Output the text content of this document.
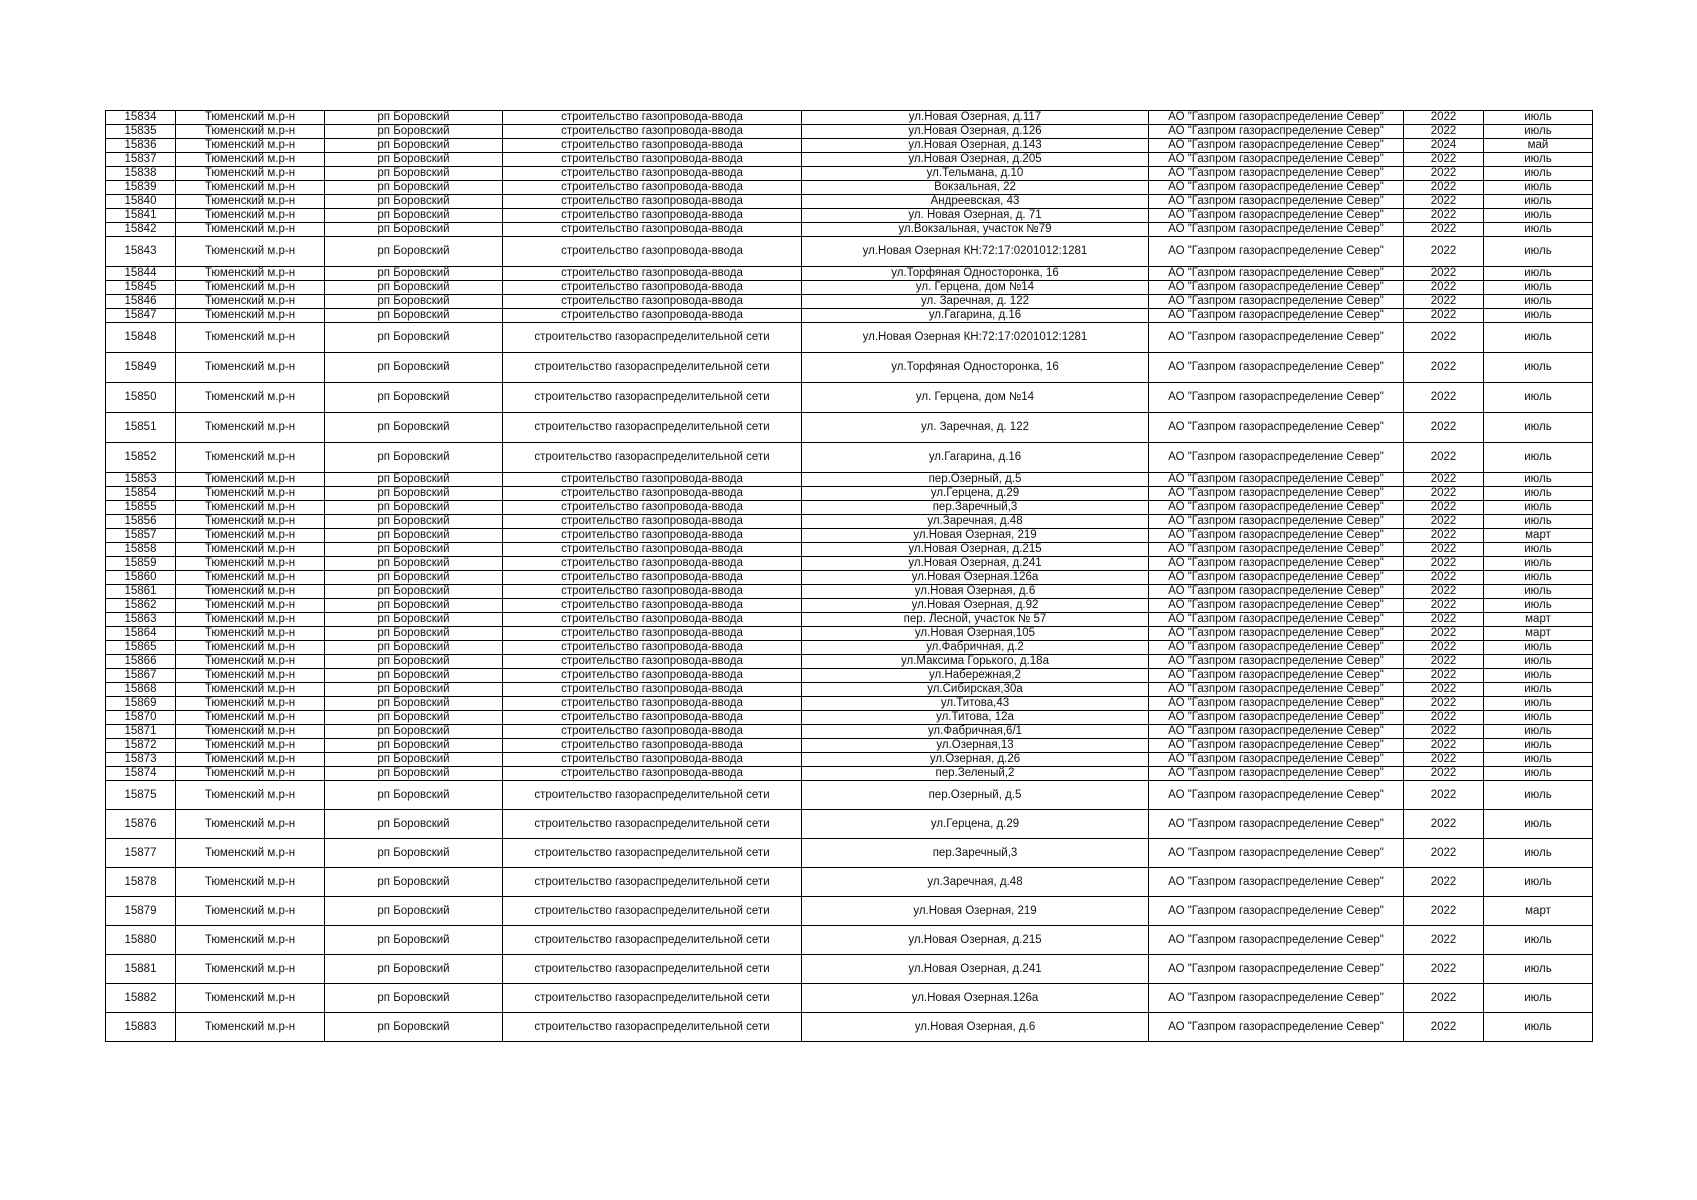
15834	Тюменский м.р-н	рп Боровский	строительство газопровода-ввода	ул.Новая Озерная, д.117	АО "Газпром газораспределение Север"	2022	июль
15835	Тюменский м.р-н	рп Боровский	строительство газопровода-ввода	ул.Новая Озерная, д.126	АО "Газпром газораспределение Север"	2022	июль
15836	Тюменский м.р-н	рп Боровский	строительство газопровода-ввода	ул.Новая Озерная, д.143	АО "Газпром газораспределение Север"	2024	май
15837	Тюменский м.р-н	рп Боровский	строительство газопровода-ввода	ул.Новая Озерная, д.205	АО "Газпром газораспределение Север"	2022	июль
15838	Тюменский м.р-н	рп Боровский	строительство газопровода-ввода	ул.Тельмана, д.10	АО "Газпром газораспределение Север"	2022	июль
15839	Тюменский м.р-н	рп Боровский	строительство газопровода-ввода	Вокзальная, 22	АО "Газпром газораспределение Север"	2022	июль
15840	Тюменский м.р-н	рп Боровский	строительство газопровода-ввода	Андреевская, 43	АО "Газпром газораспределение Север"	2022	июль
15841	Тюменский м.р-н	рп Боровский	строительство газопровода-ввода	ул. Новая Озерная, д. 71	АО "Газпром газораспределение Север"	2022	июль
15842	Тюменский м.р-н	рп Боровский	строительство газопровода-ввода	ул.Вокзальная, участок №79	АО "Газпром газораспределение Север"	2022	июль
15843	Тюменский м.р-н	рп Боровский	строительство газопровода-ввода	ул.Новая Озерная КН:72:17:0201012:1281	АО "Газпром газораспределение Север"	2022	июль
15844	Тюменский м.р-н	рп Боровский	строительство газопровода-ввода	ул.Торфяная Односторонка, 16	АО "Газпром газораспределение Север"	2022	июль
15845	Тюменский м.р-н	рп Боровский	строительство газопровода-ввода	ул. Герцена, дом №14	АО "Газпром газораспределение Север"	2022	июль
15846	Тюменский м.р-н	рп Боровский	строительство газопровода-ввода	ул. Заречная, д. 122	АО "Газпром газораспределение Север"	2022	июль
15847	Тюменский м.р-н	рп Боровский	строительство газопровода-ввода	ул.Гагарина, д.16	АО "Газпром газораспределение Север"	2022	июль
15848	Тюменский м.р-н	рп Боровский	строительство газораспределительной сети	ул.Новая Озерная КН:72:17:0201012:1281	АО "Газпром газораспределение Север"	2022	июль
15849	Тюменский м.р-н	рп Боровский	строительство газораспределительной сети	ул.Торфяная Односторонка, 16	АО "Газпром газораспределение Север"	2022	июль
15850	Тюменский м.р-н	рп Боровский	строительство газораспределительной сети	ул. Герцена, дом №14	АО "Газпром газораспределение Север"	2022	июль
15851	Тюменский м.р-н	рп Боровский	строительство газораспределительной сети	ул. Заречная, д. 122	АО "Газпром газораспределение Север"	2022	июль
15852	Тюменский м.р-н	рп Боровский	строительство газораспределительной сети	ул.Гагарина, д.16	АО "Газпром газораспределение Север"	2022	июль
15853	Тюменский м.р-н	рп Боровский	строительство газопровода-ввода	пер.Озерный, д.5	АО "Газпром газораспределение Север"	2022	июль
15854	Тюменский м.р-н	рп Боровский	строительство газопровода-ввода	ул.Герцена, д.29	АО "Газпром газораспределение Север"	2022	июль
15855	Тюменский м.р-н	рп Боровский	строительство газопровода-ввода	пер.Заречный,3	АО "Газпром газораспределение Север"	2022	июль
15856	Тюменский м.р-н	рп Боровский	строительство газопровода-ввода	ул.Заречная, д.48	АО "Газпром газораспределение Север"	2022	июль
15857	Тюменский м.р-н	рп Боровский	строительство газопровода-ввода	ул.Новая Озерная, 219	АО "Газпром газораспределение Север"	2022	март
15858	Тюменский м.р-н	рп Боровский	строительство газопровода-ввода	ул.Новая Озерная, д.215	АО "Газпром газораспределение Север"	2022	июль
15859	Тюменский м.р-н	рп Боровский	строительство газопровода-ввода	ул.Новая Озерная, д.241	АО "Газпром газораспределение Север"	2022	июль
15860	Тюменский м.р-н	рп Боровский	строительство газопровода-ввода	ул.Новая Озерная.126а	АО "Газпром газораспределение Север"	2022	июль
15861	Тюменский м.р-н	рп Боровский	строительство газопровода-ввода	ул.Новая Озерная, д.6	АО "Газпром газораспределение Север"	2022	июль
15862	Тюменский м.р-н	рп Боровский	строительство газопровода-ввода	ул.Новая Озерная, д.92	АО "Газпром газораспределение Север"	2022	июль
15863	Тюменский м.р-н	рп Боровский	строительство газопровода-ввода	пер. Лесной, участок № 57	АО "Газпром газораспределение Север"	2022	март
15864	Тюменский м.р-н	рп Боровский	строительство газопровода-ввода	ул.Новая Озерная,105	АО "Газпром газораспределение Север"	2022	март
15865	Тюменский м.р-н	рп Боровский	строительство газопровода-ввода	ул.Фабричная, д.2	АО "Газпром газораспределение Север"	2022	июль
15866	Тюменский м.р-н	рп Боровский	строительство газопровода-ввода	ул.Максима Горького, д.18а	АО "Газпром газораспределение Север"	2022	июль
15867	Тюменский м.р-н	рп Боровский	строительство газопровода-ввода	ул.Набережная,2	АО "Газпром газораспределение Север"	2022	июль
15868	Тюменский м.р-н	рп Боровский	строительство газопровода-ввода	ул.Сибирская,30а	АО "Газпром газораспределение Север"	2022	июль
15869	Тюменский м.р-н	рп Боровский	строительство газопровода-ввода	ул.Титова,43	АО "Газпром газораспределение Север"	2022	июль
15870	Тюменский м.р-н	рп Боровский	строительство газопровода-ввода	ул.Титова, 12а	АО "Газпром газораспределение Север"	2022	июль
15871	Тюменский м.р-н	рп Боровский	строительство газопровода-ввода	ул.Фабричная,6/1	АО "Газпром газораспределение Север"	2022	июль
15872	Тюменский м.р-н	рп Боровский	строительство газопровода-ввода	ул.Озерная,13	АО "Газпром газораспределение Север"	2022	июль
15873	Тюменский м.р-н	рп Боровский	строительство газопровода-ввода	ул.Озерная, д.26	АО "Газпром газораспределение Север"	2022	июль
15874	Тюменский м.р-н	рп Боровский	строительство газопровода-ввода	пер.Зеленый,2	АО "Газпром газораспределение Север"	2022	июль
15875	Тюменский м.р-н	рп Боровский	строительство газораспределительной сети	пер.Озерный, д.5	АО "Газпром газораспределение Север"	2022	июль
15876	Тюменский м.р-н	рп Боровский	строительство газораспределительной сети	ул.Герцена, д.29	АО "Газпром газораспределение Север"	2022	июль
15877	Тюменский м.р-н	рп Боровский	строительство газораспределительной сети	пер.Заречный,3	АО "Газпром газораспределение Север"	2022	июль
15878	Тюменский м.р-н	рп Боровский	строительство газораспределительной сети	ул.Заречная, д.48	АО "Газпром газораспределение Север"	2022	июль
15879	Тюменский м.р-н	рп Боровский	строительство газораспределительной сети	ул.Новая Озерная, 219	АО "Газпром газораспределение Север"	2022	март
15880	Тюменский м.р-н	рп Боровский	строительство газораспределительной сети	ул.Новая Озерная, д.215	АО "Газпром газораспределение Север"	2022	июль
15881	Тюменский м.р-н	рп Боровский	строительство газораспределительной сети	ул.Новая Озерная, д.241	АО "Газпром газораспределение Север"	2022	июль
15882	Тюменский м.р-н	рп Боровский	строительство газораспределительной сети	ул.Новая Озерная.126а	АО "Газпром газораспределение Север"	2022	июль
15883	Тюменский м.р-н	рп Боровский	строительство газораспределительной сети	ул.Новая Озерная, д.6	АО "Газпром газораспределение Север"	2022	июль
